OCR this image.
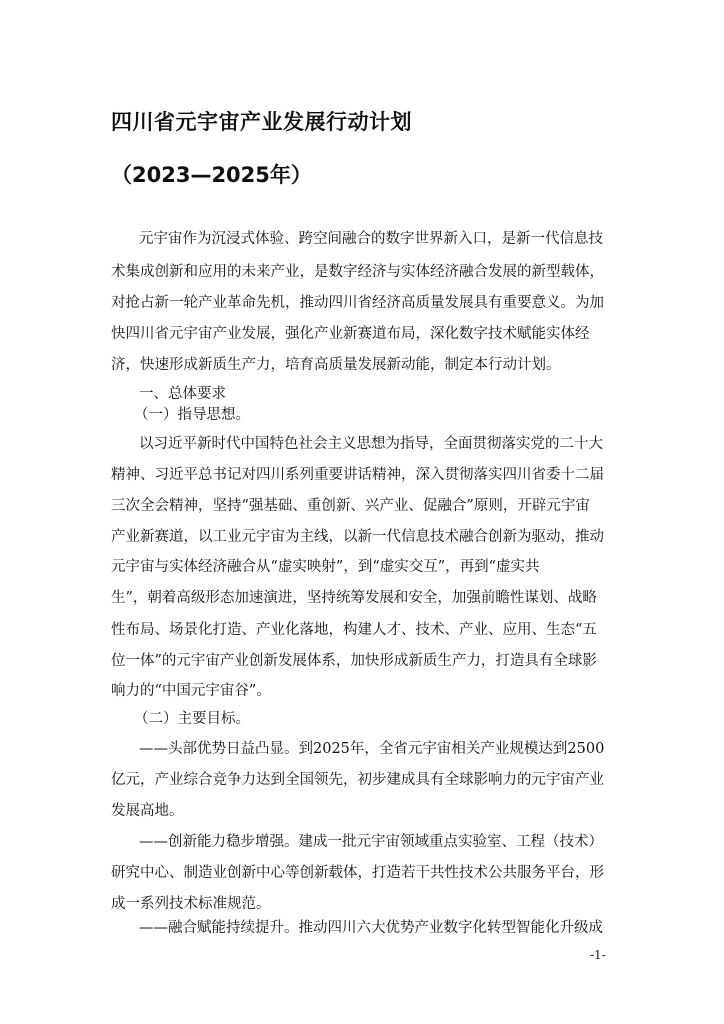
四川省元宇宙产业发展行动计划
（2023—2025年）
元宇宙作为沉浸式体验、跨空间融合的数字世界新入口，是新一代信息技
术集成创新和应用的未来产业，是数字经济与实体经济融合发展的新型载体，
对抢占新一轮产业革命先机，推动四川省经济高质量发展具有重要意义。为加
快四川省元宇宙产业发展，强化产业新赛道布局，深化数字技术赋能实体经
济，快速形成新质生产力，培育高质量发展新动能，制定本行动计划。
一、总体要求
（一）指导思想。
以习近平新时代中国特色社会主义思想为指导，全面贯彻落实党的二十大
精神、习近平总书记对四川系列重要讲话精神，深入贯彻落实四川省委十二届
三次全会精神，坚持“强基础、重创新、兴产业、促融合”原则，开辟元宇宙
产业新赛道，以工业元宇宙为主线，以新一代信息技术融合创新为驱动，推动
元宇宙与实体经济融合从“虚实映射”，到“虚实交互”，再到“虚实共
生”，朝着高级形态加速演进，坚持统筹发展和安全，加强前瞻性谋划、战略
性布局、场景化打造、产业化落地，构建人才、技术、产业、应用、生态“五
位一体”的元宇宙产业创新发展体系，加快形成新质生产力，打造具有全球影
响力的“中国元宇宙谷”。
（二）主要目标。
——头部优势日益凸显。到2025年，全省元宇宙相关产业规模达到2500
亿元，产业综合竞争力达到全国领先，初步建成具有全球影响力的元宇宙产业
发展高地。
——创新能力稳步增强。建成一批元宇宙领域重点实验室、工程（技术）
研究中心、制造业创新中心等创新载体，打造若干共性技术公共服务平台，形
成一系列技术标准规范。
——融合赋能持续提升。推动四川六大优势产业数字化转型智能化升级成
-1-
